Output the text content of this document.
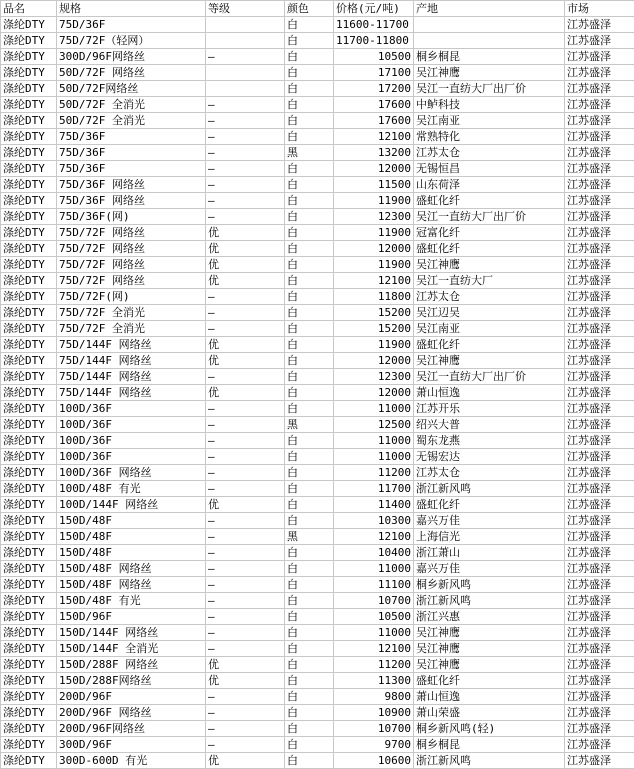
品名	规格	等级	颜色	价格(元/吨)	产地	市场
涤纶DTY	75D/36F		白	11600-11700		江苏盛泽
涤纶DTY	75D/72F（轻网）		白	11700-11800		江苏盛泽
涤纶DTY	300D/96F网络丝	—	白	10500	桐乡桐昆	江苏盛泽
涤纶DTY	50D/72F 网络丝		白	17100	吴江神鹰	江苏盛泽
涤纶DTY	50D/72F网络丝		白	17200	吴江一直纺大厂出厂价	江苏盛泽
涤纶DTY	50D/72F 全消光	—	白	17600	中鲈科技	江苏盛泽
涤纶DTY	50D/72F 全消光	—	白	17600	吴江南亚	江苏盛泽
涤纶DTY	75D/36F	—	白	12100	常熟特化	江苏盛泽
涤纶DTY	75D/36F	—	黑	13200	江苏太仓	江苏盛泽
涤纶DTY	75D/36F	—	白	12000	无锡恒昌	江苏盛泽
涤纶DTY	75D/36F 网络丝	—	白	11500	山东荷泽	江苏盛泽
涤纶DTY	75D/36F 网络丝	—	白	11900	盛虹化纤	江苏盛泽
涤纶DTY	75D/36F(网)	—	白	12300	吴江一直纺大厂出厂价	江苏盛泽
涤纶DTY	75D/72F 网络丝	优	白	11900	冠富化纤	江苏盛泽
涤纶DTY	75D/72F 网络丝	优	白	12000	盛虹化纤	江苏盛泽
涤纶DTY	75D/72F 网络丝	优	白	11900	吴江神鹰	江苏盛泽
涤纶DTY	75D/72F 网络丝	优	白	12100	吴江一直纺大厂	江苏盛泽
涤纶DTY	75D/72F(网)	—	白	11800	江苏太仓	江苏盛泽
涤纶DTY	75D/72F 全消光	—	白	15200	吴江辺吴	江苏盛泽
涤纶DTY	75D/72F 全消光	—	白	15200	吴江南亚	江苏盛泽
涤纶DTY	75D/144F 网络丝	优	白	11900	盛虹化纤	江苏盛泽
涤纶DTY	75D/144F 网络丝	优	白	12000	吴江神鹰	江苏盛泽
涤纶DTY	75D/144F 网络丝	—	白	12300	吴江一直纺大厂出厂价	江苏盛泽
涤纶DTY	75D/144F 网络丝	优	白	12000	萧山恒逸	江苏盛泽
涤纶DTY	100D/36F	—	白	11000	江苏开乐	江苏盛泽
涤纶DTY	100D/36F	—	黑	12500	绍兴大普	江苏盛泽
涤纶DTY	100D/36F	—	白	11000	蜀东龙燕	江苏盛泽
涤纶DTY	100D/36F	—	白	11000	无锡宏达	江苏盛泽
涤纶DTY	100D/36F 网络丝	—	白	11200	江苏太仓	江苏盛泽
涤纶DTY	100D/48F 有光	—	白	11700	浙江新风鸣	江苏盛泽
涤纶DTY	100D/144F 网络丝	优	白	11400	盛虹化纤	江苏盛泽
涤纶DTY	150D/48F	—	白	10300	嘉兴万佳	江苏盛泽
涤纶DTY	150D/48F	—	黑	12100	上海信光	江苏盛泽
涤纶DTY	150D/48F	—	白	10400	浙江萧山	江苏盛泽
涤纶DTY	150D/48F 网络丝	—	白	11000	嘉兴万佳	江苏盛泽
涤纶DTY	150D/48F 网络丝	—	白	11100	桐乡新风鸣	江苏盛泽
涤纶DTY	150D/48F 有光	—	白	10700	浙江新风鸣	江苏盛泽
涤纶DTY	150D/96F	—	白	10500	浙江兴惠	江苏盛泽
涤纶DTY	150D/144F 网络丝	—	白	11000	吴江神鹰	江苏盛泽
涤纶DTY	150D/144F 全消光	—	白	12100	吴江神鹰	江苏盛泽
涤纶DTY	150D/288F 网络丝	优	白	11200	吴江神鹰	江苏盛泽
涤纶DTY	150D/288F网络丝	优	白	11300	盛虹化纤	江苏盛泽
涤纶DTY	200D/96F	—	白	9800	萧山恒逸	江苏盛泽
涤纶DTY	200D/96F 网络丝	—	白	10900	萧山荣盛	江苏盛泽
涤纶DTY	200D/96F网络丝	—	白	10700	桐乡新风鸣(轻)	江苏盛泽
涤纶DTY	300D/96F	—	白	9700	桐乡桐昆	江苏盛泽
涤纶DTY	300D-600D 有光	优	白	10600	浙江新风鸣	江苏盛泽
